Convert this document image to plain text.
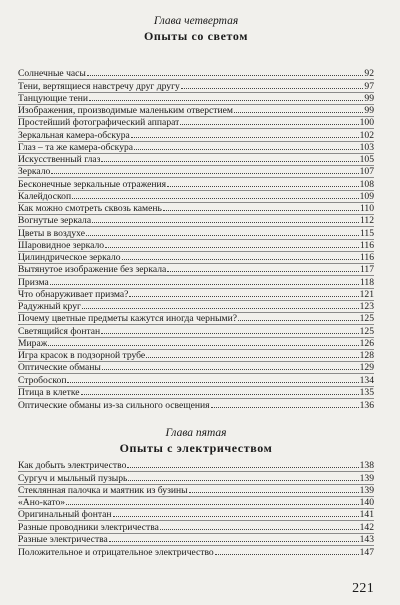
Глава четвертая
Опыты со светом
Солнечные часы	92
Тени, вертящиеся навстречу друг другу	97
Танцующие тени	99
Изображения, производимые маленьким отверстием	99
Простейший фотографический аппарат	100
Зеркальная камера-обскура	102
Глаз – та же камера-обскура	103
Искусственный глаз	105
Зеркало	107
Бесконечные зеркальные отражения	108
Калейдоскоп	109
Как можно смотреть сквозь камень	110
Вогнутые зеркала	112
Цветы в воздухе	115
Шаровидное зеркало	116
Цилиндрическое зеркало	116
Вытянутое изображение без зеркала	117
Призма	118
Что обнаруживает призма?	121
Радужный круг	123
Почему цветные предметы кажутся иногда черными?	125
Светящийся фонтан	125
Мираж	126
Игра красок в подзорной трубе	128
Оптические обманы	129
Стробоскоп	134
Птица в клетке	135
Оптические обманы из-за сильного освещения	136
Глава пятая
Опыты с электричеством
Как добыть электричество	138
Сургуч и мыльный пузырь	139
Стеклянная палочка и маятник из бузины	139
«Ано-като»	140
Оригинальный фонтан	141
Разные проводники электричества	142
Разные электричества	143
Положительное и отрицательное электричество	147
221
